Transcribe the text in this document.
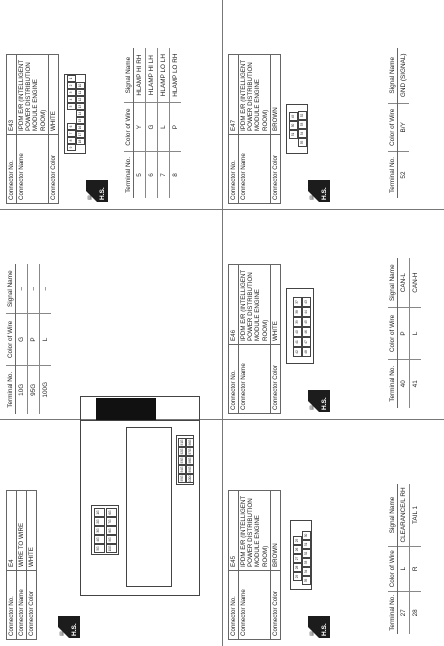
Connector No.	E4
Connector Name	WIRE TO WIRE
Connector Color	WHITE
▤ H.S.
5G
4G
3G
2G
1G
10G
9G
8G
7G
6G
95G
94G
93G
92G
91G
100G
99G
98G
97G
96G
Connector No.	E45
Connector Name	IPDM E/R (INTELLIGENT POWER DISTRIBUTION MODULE ENGINE ROOM)
Connector Color	BROWN
▤ H.S.
29
28
27
26
25
35
34
33
32
31
30
Terminal No.	Color of Wire	Signal Name
27	L	CLEARANCE/L RH
28	R	TAIL 1
Terminal No.	Color of Wire	Signal Name
10G	G	–
95G	P	–
100G	L	–
Connector No.	E46
Connector Name	IPDM E/R (INTELLIGENT POWER DISTRIBUTION MODULE ENGINE ROOM)
Connector Color	WHITE
▤ H.S.
42
41
40
39
38
37
48
47
46
45
44
43
Terminal No.	Color of Wire	Signal Name
40	P	CAN-L
41	L	CAN-H
Connector No.	E43
Connector Name	IPDM E/R (INTELLIGENT POWER DISTRIBUTION MODULE ENGINE ROOM)
Connector Color	WHITE
▤ H.S.
5
4
3
2
1
9
8
7
6
18
17
16
15
14
13
12
11
10
Terminal No.	Color of Wire	Signal Name
5	Y	HLAMP HI RH
6	G	HLAMP HI LH
7	L	HLAMP LO LH
8	P	HLAMP LO RH
Connector No.	E47
Connector Name	IPDM E/R (INTELLIGENT POWER DISTRIBUTION MODULE ENGINE ROOM)
Connector Color	BROWN
▤ H.S.
51
50
49
55
54
53
52
Terminal No.	Color of Wire	Signal Name
52	B/Y	GND (SIGNAL)
